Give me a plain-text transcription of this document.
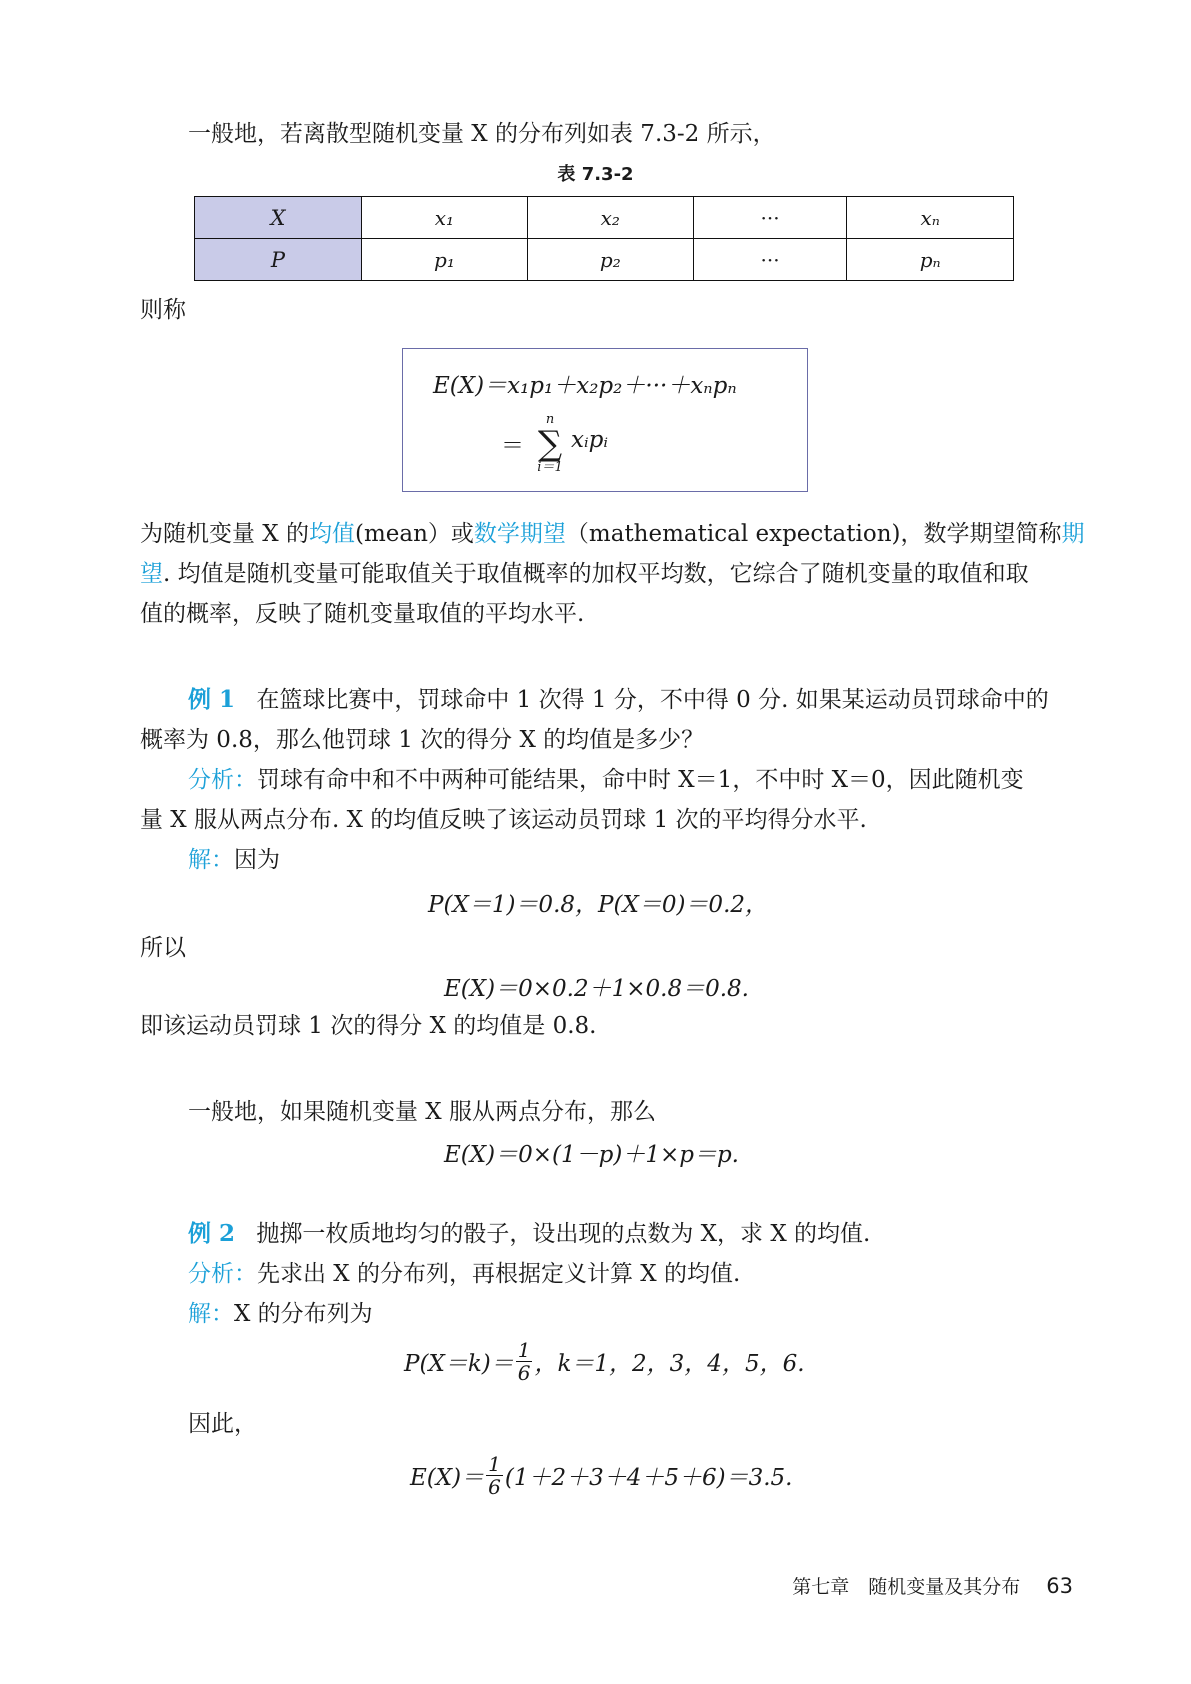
一般地，若离散型随机变量 X 的分布列如表 7.3-2 所示，
表 7.3-2
X	x₁	x₂	···	xₙ
P	p₁	p₂	···	pₙ
则称
E(X)＝x₁p₁＋x₂p₂＋···＋xₙpₙ
＝
n
∑
i＝1
xᵢpᵢ
为随机变量 X 的均值(mean）或数学期望（mathematical expectation)，数学期望简称期
望. 均值是随机变量可能取值关于取值概率的加权平均数，它综合了随机变量的取值和取
值的概率，反映了随机变量取值的平均水平.
例 1 在篮球比赛中，罚球命中 1 次得 1 分，不中得 0 分. 如果某运动员罚球命中的
概率为 0.8，那么他罚球 1 次的得分 X 的均值是多少？
分析：罚球有命中和不中两种可能结果，命中时 X＝1，不中时 X＝0，因此随机变
量 X 服从两点分布. X 的均值反映了该运动员罚球 1 次的平均得分水平.
解：因为
P(X＝1)＝0.8，P(X＝0)＝0.2，
所以
E(X)＝0×0.2＋1×0.8＝0.8.
即该运动员罚球 1 次的得分 X 的均值是 0.8.
一般地，如果随机变量 X 服从两点分布，那么
E(X)＝0×(1－p)＋1×p＝p.
例 2 抛掷一枚质地均匀的骰子，设出现的点数为 X，求 X 的均值.
分析：先求出 X 的分布列，再根据定义计算 X 的均值.
解：X 的分布列为
$P(X=k)= \frac{1}{6}$ ，k＝1，2，3，4，5，6.
因此，
$E(X)= \frac{1}{6} (1+2+3+4+5+6)=3.5$.
第七章　随机变量及其分布 63
